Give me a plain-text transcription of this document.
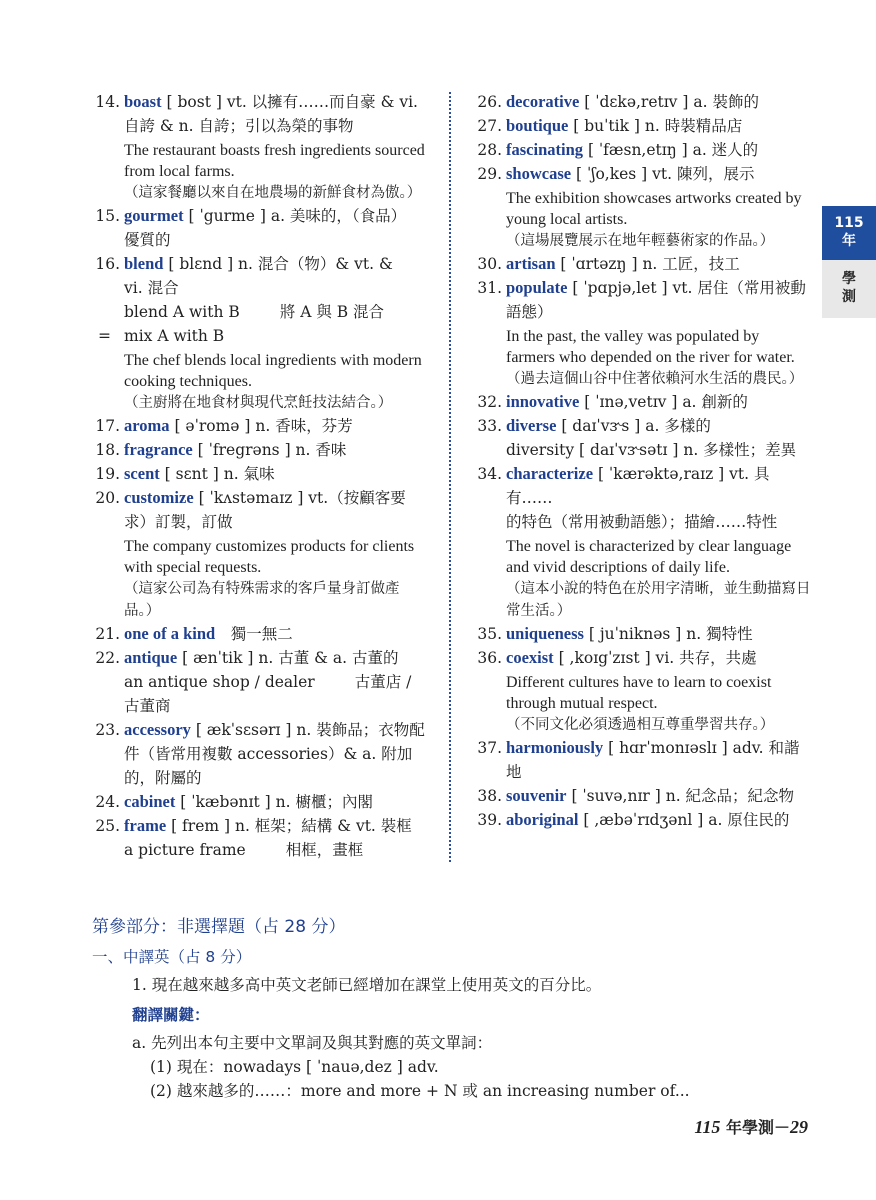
14. boast [ bost ] vt. 以擁有……而自豪 & vi.
自誇 & n. 自誇；引以為榮的事物
The restaurant boasts fresh ingredients sourced from local farms.
（這家餐廳以來自在地農場的新鮮食材為傲。）
15. gourmet [ ˈgurme ] a. 美味的，（食品）
優質的
16. blend [ blɛnd ] n. 混合（物）& vt. &
vi. 混合
blend A with B	將 A 與 B 混合
= mix A with B
The chef blends local ingredients with modern cooking techniques.
（主廚將在地食材與現代烹飪技法結合。）
17. aroma [ əˈromə ] n. 香味，芬芳
18. fragrance [ ˈfregrəns ] n. 香味
19. scent [ sɛnt ] n. 氣味
20. customize [ ˈkʌstəmaɪz ] vt.（按顧客要
求）訂製，訂做
The company customizes products for clients with special requests.
（這家公司為有特殊需求的客戶量身訂做產品。）
21. one of a kind　獨一無二
22. antique [ ænˈtik ] n. 古董 & a. 古董的
an antique shop / dealer	古董店 /
古董商
23. accessory [ ækˈsɛsərɪ ] n. 裝飾品；衣物配
件（皆常用複數 accessories）& a. 附加
的，附屬的
24. cabinet [ ˈkæbənɪt ] n. 櫥櫃；內閣
25. frame [ frem ] n. 框架；結構 & vt. 裝框
a picture frame	相框，畫框
26. decorative [ ˈdɛkə,retɪv ] a. 裝飾的
27. boutique [ buˈtik ] n. 時裝精品店
28. fascinating [ ˈfæsn,etɪŋ ] a. 迷人的
29. showcase [ ˈʃo,kes ] vt. 陳列，展示
The exhibition showcases artworks created by young local artists.
（這場展覽展示在地年輕藝術家的作品。）
30. artisan [ ˈɑrtəzŋ ] n. 工匠，技工
31. populate [ ˈpɑpjə,let ] vt. 居住（常用被動
語態）
In the past, the valley was populated by farmers who depended on the river for water.
（過去這個山谷中住著依賴河水生活的農民。）
32. innovative [ ˈɪnə,vetɪv ] a. 創新的
33. diverse [ daɪˈvɝs ] a. 多樣的
diversity [ daɪˈvɝsətɪ ] n. 多樣性；差異
34. characterize [ ˈkærəktə,raɪz ] vt. 具有……
的特色（常用被動語態）；描繪……特性
The novel is characterized by clear language and vivid descriptions of daily life.
（這本小說的特色在於用字清晰，並生動描寫日常生活。）
35. uniqueness [ juˈniknəs ] n. 獨特性
36. coexist [ ,koɪgˈzɪst ] vi. 共存，共處
Different cultures have to learn to coexist through mutual respect.
（不同文化必須透過相互尊重學習共存。）
37. harmoniously [ hɑrˈmonɪəslɪ ] adv. 和諧地
38. souvenir [ ˈsuvə,nɪr ] n. 紀念品；紀念物
39. aboriginal [ ,æbəˈrɪdʒənl ] a. 原住民的
115
年
學
測
第參部分：非選擇題（占 28 分）
一、中譯英（占 8 分）
1. 現在越來越多高中英文老師已經增加在課堂上使用英文的百分比。
翻譯關鍵：
a. 先列出本句主要中文單詞及與其對應的英文單詞：
(1) 現在：nowadays [ ˈnauə,dez ] adv.
(2) 越來越多的……：more and more + N 或 an increasing number of...
115 年學測－29
